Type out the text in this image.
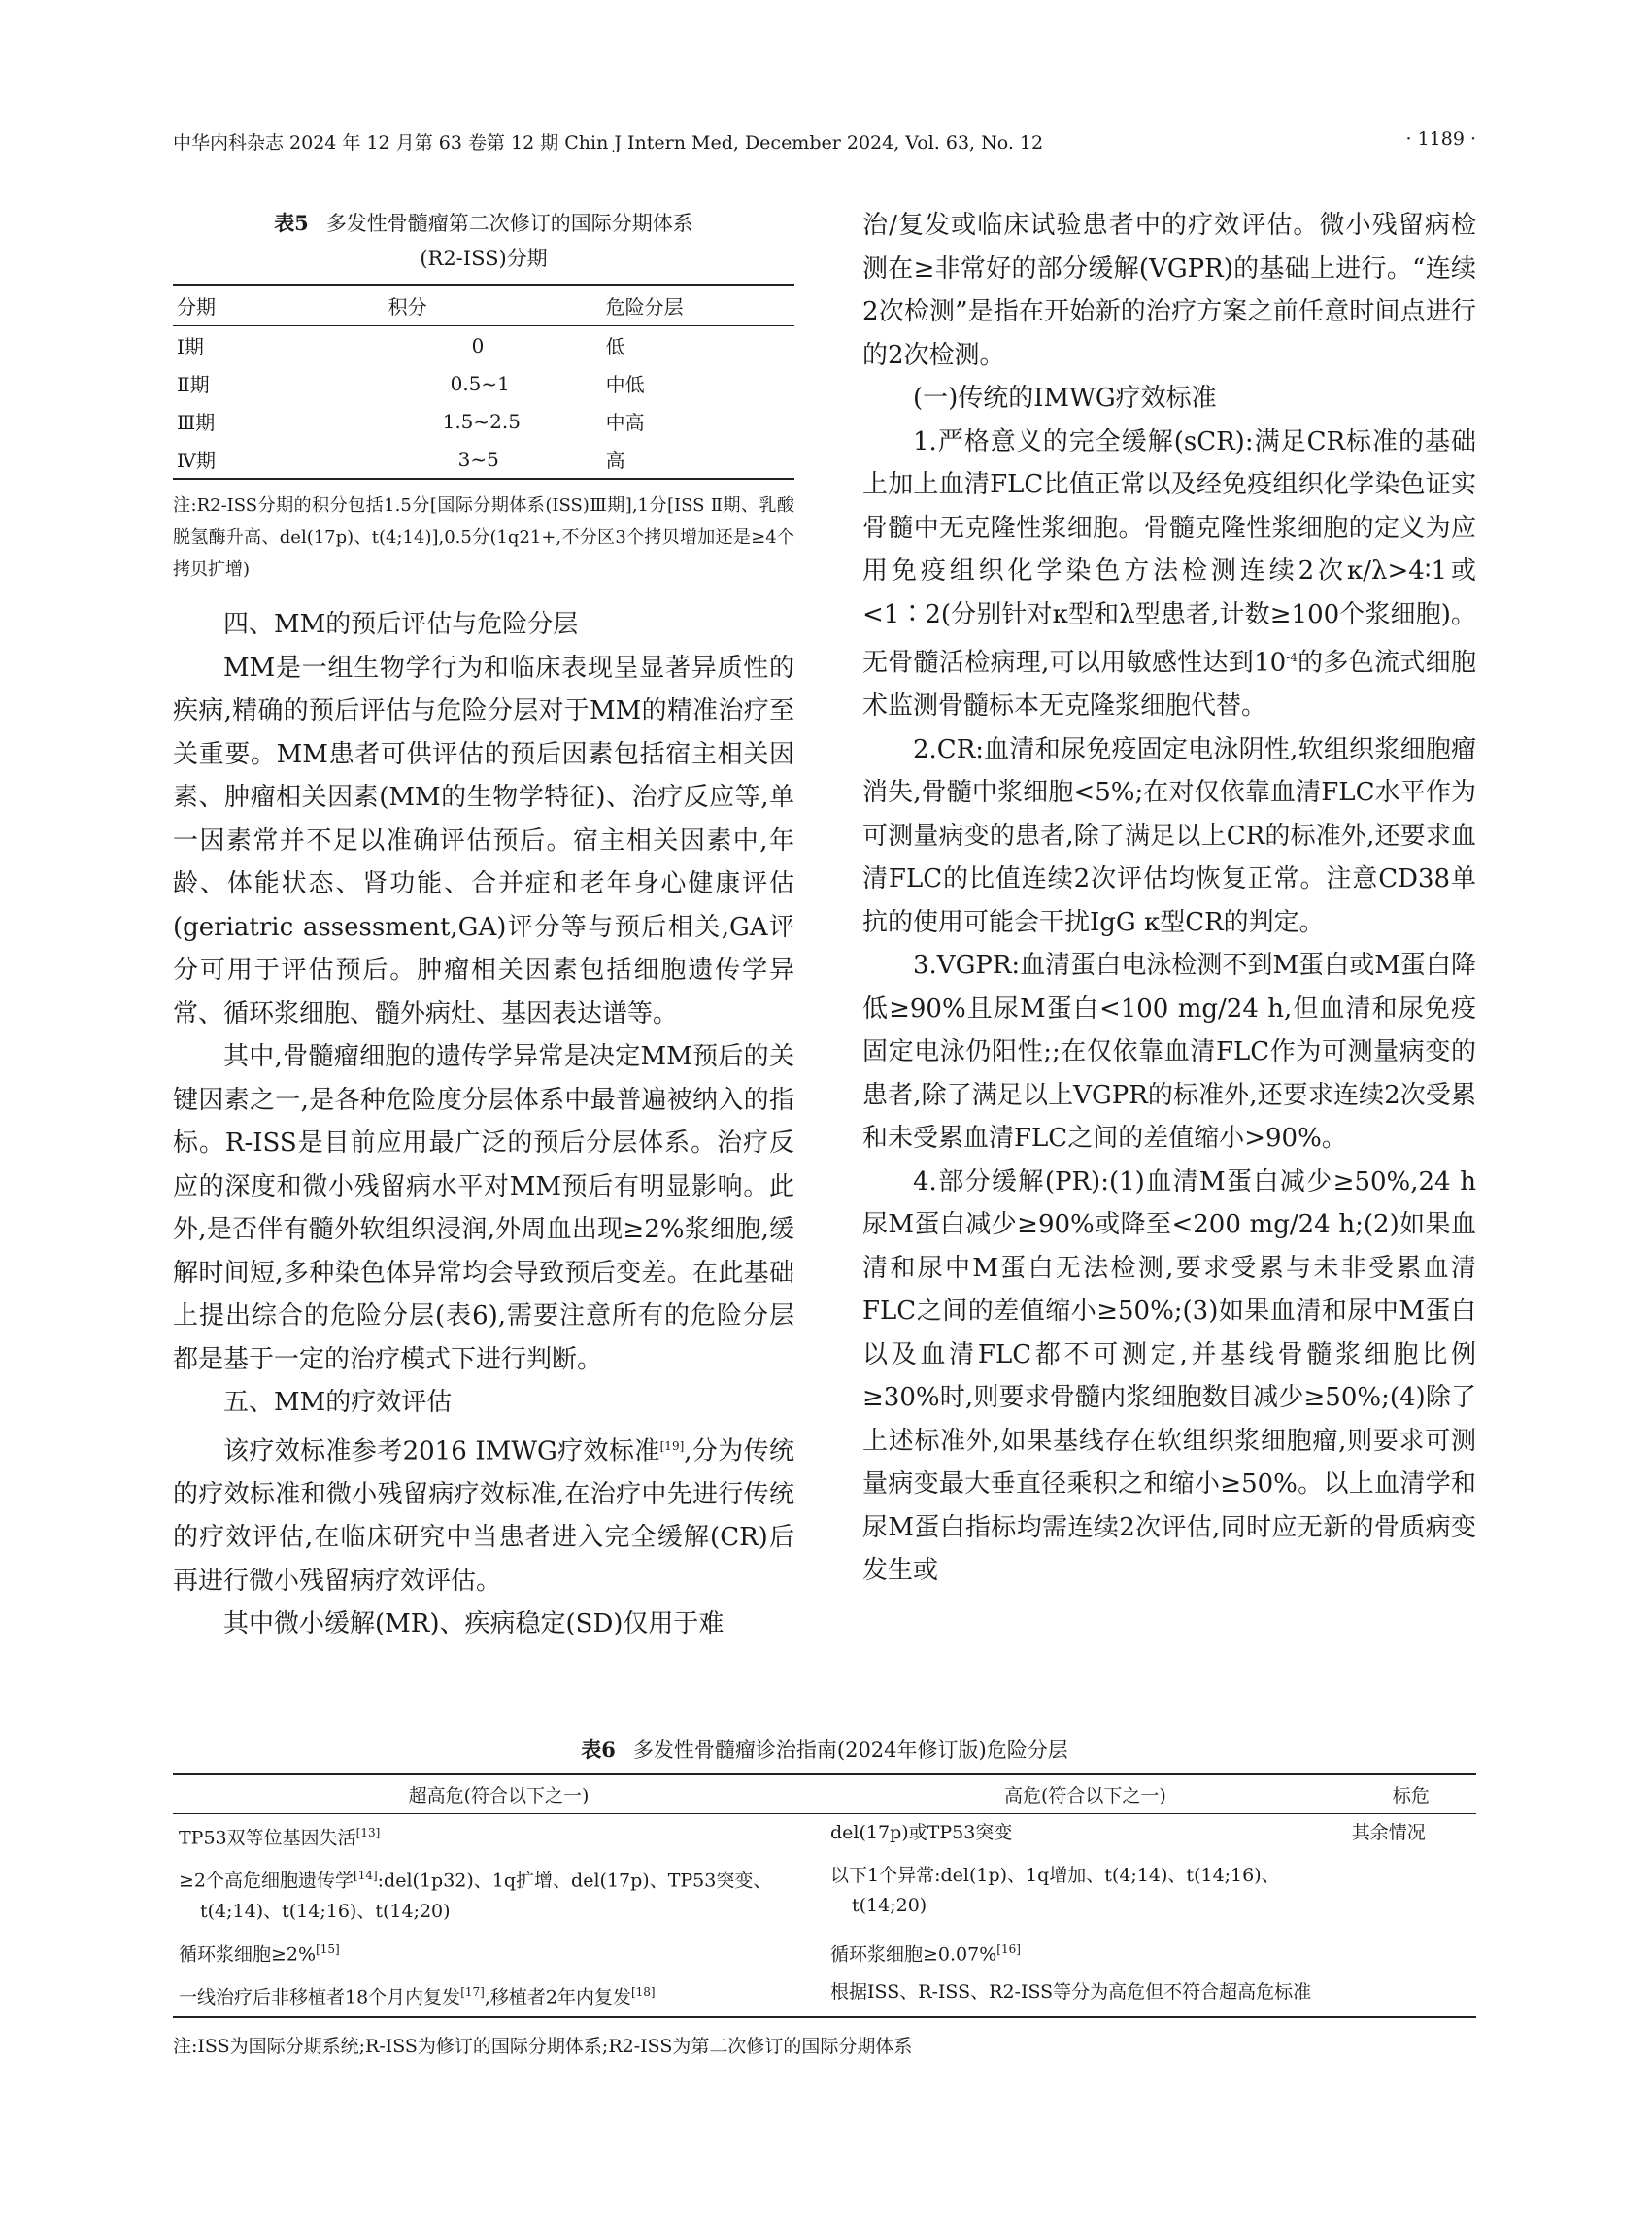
中华内科杂志 2024 年 12 月第 63 卷第 12 期 Chin J Intern Med, December 2024, Vol. 63, No. 12	· 1189 ·
表5 多发性骨髓瘤第二次修订的国际分期体系
(R2-ISS)分期
分期	积分	危险分层
Ⅰ期	0	低
Ⅱ期	0.5~1	中低
Ⅲ期	1.5~2.5	中高
Ⅳ期	3~5	高
注:R2-ISS分期的积分包括1.5分[国际分期体系(ISS)Ⅲ期],1分[ISS Ⅱ期、乳酸脱氢酶升高、del(17p)、t(4;14)],0.5分(1q21+,不分区3个拷贝增加还是≥4个拷贝扩增)
四、MM的预后评估与危险分层

MM是一组生物学行为和临床表现呈显著异质性的疾病,精确的预后评估与危险分层对于MM的精准治疗至关重要。MM患者可供评估的预后因素包括宿主相关因素、肿瘤相关因素(MM的生物学特征)、治疗反应等,单一因素常并不足以准确评估预后。宿主相关因素中,年龄、体能状态、肾功能、合并症和老年身心健康评估(geriatric assessment,GA)评分等与预后相关,GA评分可用于评估预后。肿瘤相关因素包括细胞遗传学异常、循环浆细胞、髓外病灶、基因表达谱等。

其中,骨髓瘤细胞的遗传学异常是决定MM预后的关键因素之一,是各种危险度分层体系中最普遍被纳入的指标。R-ISS是目前应用最广泛的预后分层体系。治疗反应的深度和微小残留病水平对MM预后有明显影响。此外,是否伴有髓外软组织浸润,外周血出现≥2%浆细胞,缓解时间短,多种染色体异常均会导致预后变差。在此基础上提出综合的危险分层(表6),需要注意所有的危险分层都是基于一定的治疗模式下进行判断。

五、MM的疗效评估

该疗效标准参考2016 IMWG疗效标准[19],分为传统的疗效标准和微小残留病疗效标准,在治疗中先进行传统的疗效评估,在临床研究中当患者进入完全缓解(CR)后再进行微小残留病疗效评估。

其中微小缓解(MR)、疾病稳定(SD)仅用于难

治/复发或临床试验患者中的疗效评估。微小残留病检测在≥非常好的部分缓解(VGPR)的基础上进行。“连续2次检测”是指在开始新的治疗方案之前任意时间点进行的2次检测。

(一)传统的IMWG疗效标准

1.严格意义的完全缓解(sCR):满足CR标准的基础上加上血清FLC比值正常以及经免疫组织化学染色证实骨髓中无克隆性浆细胞。骨髓克隆性浆细胞的定义为应用免疫组织化学染色方法检测连续2次κ/λ>4∶1或<1∶2(分别针对κ型和λ型患者,计数≥100个浆细胞)。无骨髓活检病理,可以用敏感性达到$10^{-4}$的多色流式细胞术监测骨髓标本无克隆浆细胞代替。

2.CR:血清和尿免疫固定电泳阴性,软组织浆细胞瘤消失,骨髓中浆细胞<5%;在对仅依靠血清FLC水平作为可测量病变的患者,除了满足以上CR的标准外,还要求血清FLC的比值连续2次评估均恢复正常。注意CD38单抗的使用可能会干扰IgG κ型CR的判定。

3.VGPR:血清蛋白电泳检测不到M蛋白或M蛋白降低≥90%且尿M蛋白<100 mg/24 h,但血清和尿免疫固定电泳仍阳性;;在仅依靠血清FLC作为可测量病变的患者,除了满足以上VGPR的标准外,还要求连续2次受累和未受累血清FLC之间的差值缩小>90%。

4.部分缓解(PR):(1)血清M蛋白减少≥50%,24 h尿M蛋白减少≥90%或降至<200 mg/24 h;(2)如果血清和尿中M蛋白无法检测,要求受累与未非受累血清FLC之间的差值缩小≥50%;(3)如果血清和尿中M蛋白以及血清FLC都不可测定,并基线骨髓浆细胞比例≥30%时,则要求骨髓内浆细胞数目减少≥50%;(4)除了上述标准外,如果基线存在软组织浆细胞瘤,则要求可测量病变最大垂直径乘积之和缩小≥50%。以上血清学和尿M蛋白指标均需连续2次评估,同时应无新的骨质病变发生或

表6 多发性骨髓瘤诊治指南(2024年修订版)危险分层
超高危(符合以下之一)	高危(符合以下之一)	标危
TP53双等位基因失活[13]	del(17p)或TP53突变	其余情况

≥2个高危细胞遗传学[14]:del(1p32)、1q扩增、del(17p)、TP53突变、t(4;14)、t(14;16)、t(14;20)	以下1个异常:del(1p)、1q增加、t(4;14)、t(14;16)、t(14;20)	

循环浆细胞≥2%[15]	循环浆细胞≥0.07%[16]	
一线治疗后非移植者18个月内复发[17],移植者2年内复发[18]	根据ISS、R-ISS、R2-ISS等分为高危但不符合超高危标准	

注:ISS为国际分期系统;R-ISS为修订的国际分期体系;R2-ISS为第二次修订的国际分期体系
